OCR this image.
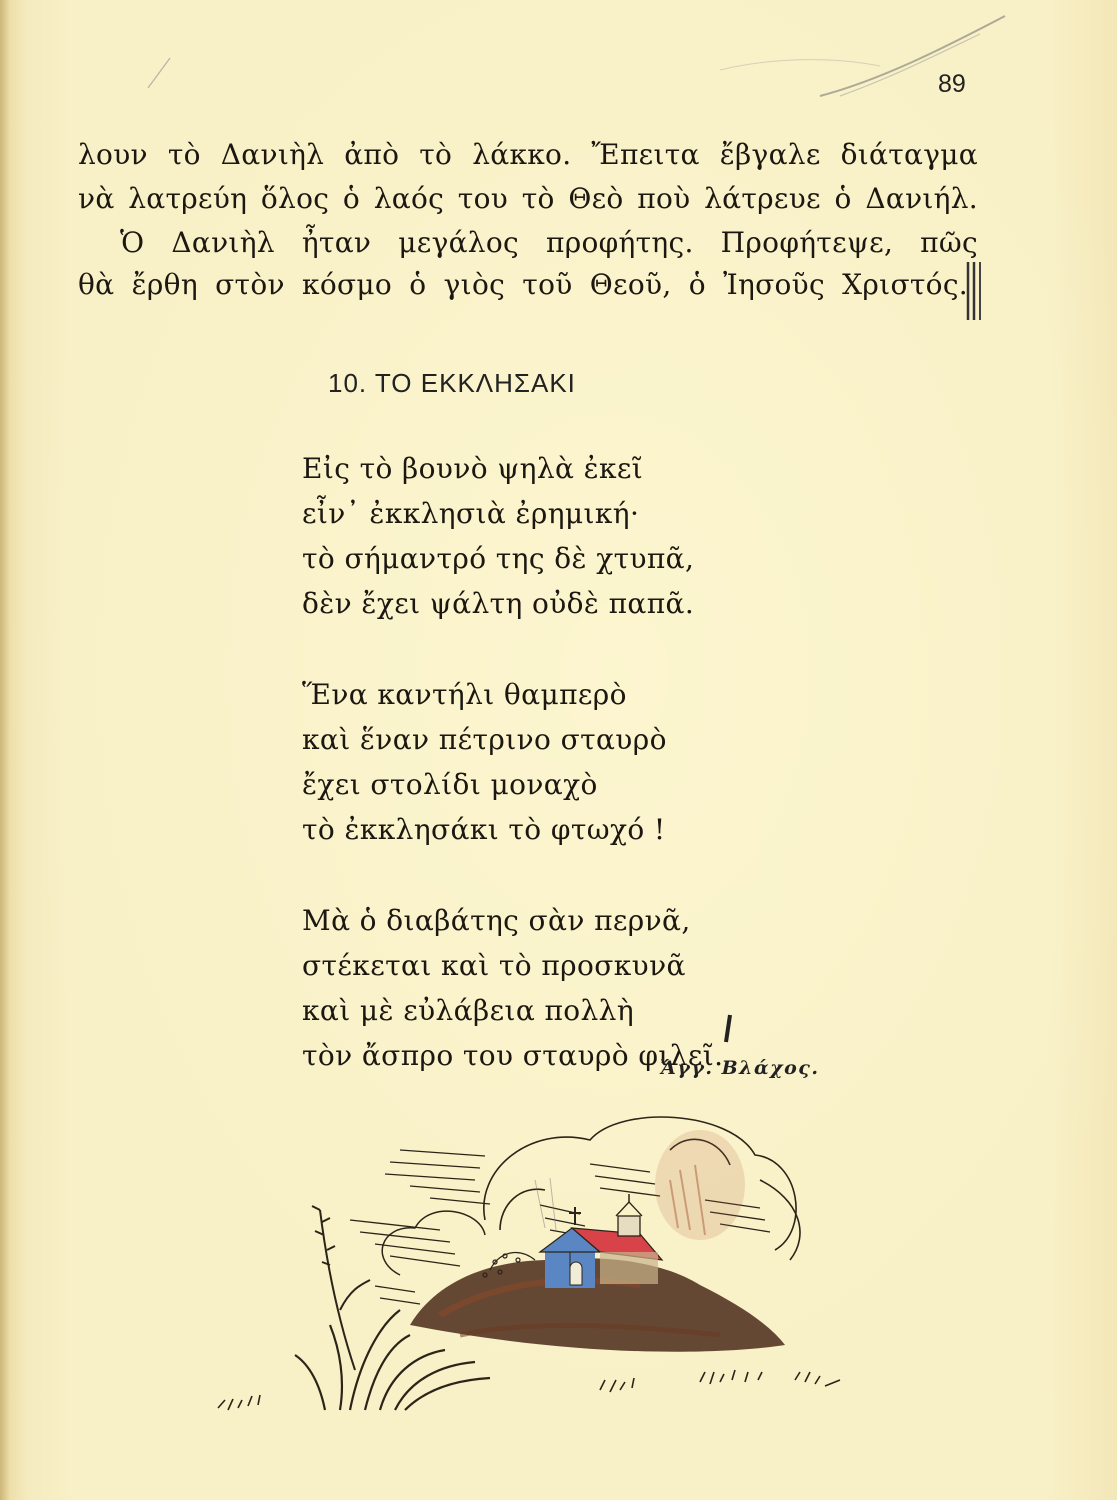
89
λουν τὸ Δανιὴλ ἀπὸ τὸ λάκκο. Ἔπειτα ἔβγαλε διάταγμα
νὰ λατρεύη ὅλος ὁ λαός του τὸ Θεὸ ποὺ λάτρευε ὁ Δανιήλ.
Ὁ Δανιὴλ ἦταν μεγάλος προφήτης. Προφήτεψε, πῶς
θὰ ἔρθη στὸν κόσμο ὁ γιὸς τοῦ Θεοῦ, ὁ Ἰησοῦς Χριστός.
10. ΤΟ ΕΚΚΛΗΣΑΚΙ
Εἰς τὸ βουνὸ ψηλὰ ἐκεῖ
εἶν᾿ ἐκκλησιὰ ἐρημική·
τὸ σήμαντρό της δὲ χτυπᾶ,
δὲν ἔχει ψάλτη οὐδὲ παπᾶ.
Ἕνα καντήλι θαμπερὸ
καὶ ἕναν πέτρινο σταυρὸ
ἔχει στολίδι μοναχὸ
τὸ ἐκκλησάκι τὸ φτωχό !
Μὰ ὁ διαβάτης σὰν περνᾶ,
στέκεται καὶ τὸ προσκυνᾶ
καὶ μὲ εὐλάβεια πολλὴ
τὸν ἄσπρο του σταυρὸ φιλεῖ.
Ἄγγ. Βλάχος.
